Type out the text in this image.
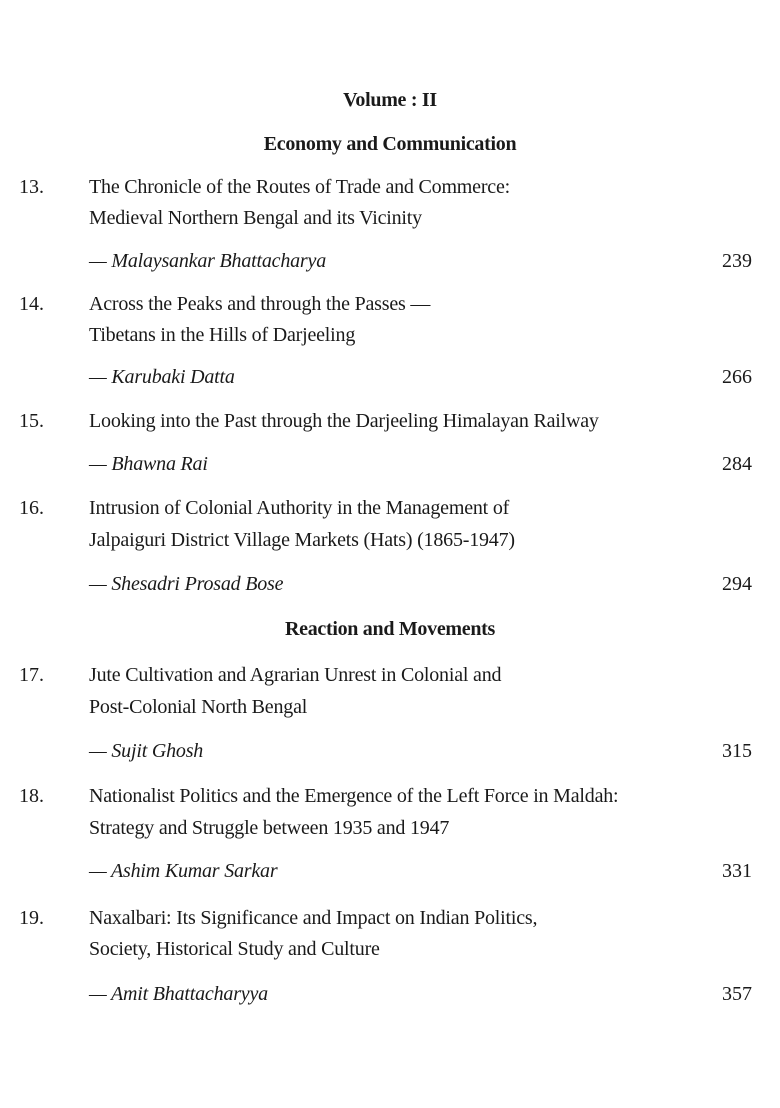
Volume : II
Economy and Communication
13. The Chronicle of the Routes of Trade and Commerce:
Medieval Northern Bengal and its Vicinity
— Malaysankar Bhattacharya	239
14. Across the Peaks and through the Passes —
Tibetans in the Hills of Darjeeling
— Karubaki Datta	266
15. Looking into the Past through the Darjeeling Himalayan Railway
— Bhawna Rai	284
16. Intrusion of Colonial Authority in the Management of
Jalpaiguri District Village Markets (Hats) (1865-1947)
— Shesadri Prosad Bose	294
Reaction and Movements
17. Jute Cultivation and Agrarian Unrest in Colonial and
Post-Colonial North Bengal
— Sujit Ghosh	315
18. Nationalist Politics and the Emergence of the Left Force in Maldah:
Strategy and Struggle between 1935 and 1947
— Ashim Kumar Sarkar	331
19. Naxalbari: Its Significance and Impact on Indian Politics,
Society, Historical Study and Culture
— Amit Bhattacharyya	357
